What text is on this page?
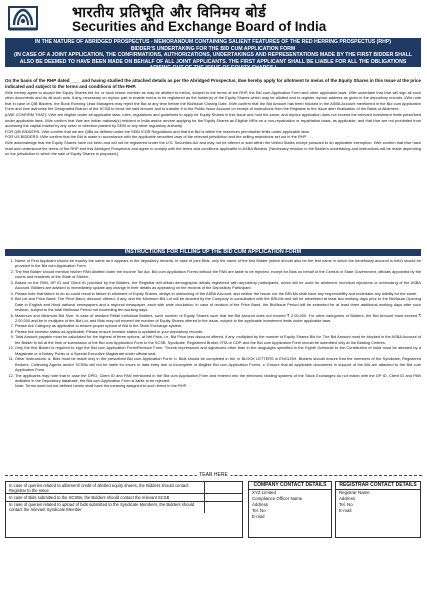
भारतीय प्रतिभूति और विनिमय बोर्ड
Securities and Exchange Board of India
IN THE NATURE OF ABRIDGED PROSPECTUS - MEMORANDUM CONTAINING SALIENT FEATURES OF THE RED HERRING PROSPECTUS (RHP)
BIDDER'S UNDERTAKING FOR THE BID CUM APPLICATION FORM
(IN CASE OF A JOINT APPLICATION, THE CONFIRMATIONS, AUTHORIZATIONS, UNDERTAKINGS AND REPRESENTATIONS MADE BY THE FIRST BIDDER SHALL ALSO BE DEEMED TO HAVE BEEN MADE ON BEHALF OF ALL JOINT APPLICANTS. THE FIRST APPLICANT SHALL BE LIABLE FOR ALL THE OBLIGATIONS ARISING OUT OF THE ISSUE OF EQUITY SHARES.)
On the basis of the RHP dated ____ and having studied the attached details as per the Abridged Prospectus, I/we hereby apply for allotment to me/us of the Equity Shares in this Issue at the price indicated and subject to the terms and conditions of the RHP.
I/We hereby agree to accept the Equity Shares bid for, or such lesser number as may be allotted to me/us, subject to the terms of the RHP, the Bid cum Application Form and other applicable laws. I/We undertake that I/we will sign all such other documents and do all such acts, if any, necessary on my/our part to enable me/us to be registered as the holder(s) of the Equity Shares which may be allotted and to register my/our address as given in the depository records. I/We note that in case of QIB Bidders, the Book Running Lead Managers may reject the Bid at any time before the Bid/Issue Closing Date. I/We confirm that the Bid Amount has been blocked in the ASBA Account mentioned in the Bid cum Application Form and I/we authorise the Designated Branch of the SCSB to block the said amount and to transfer it to the Public Issue Account on receipt of instructions from the Registrar to the Issue after finalisation of the Basis of Allotment.
(I/WE CONFIRM THAT): I/We are eligible under all applicable laws, rules, regulations and guidelines to apply for Equity Shares in this Issue and hold the same, and my/our application does not exceed the relevant investment limits prescribed under applicable laws. I/We confirm that I/we are Indian national(s) resident in India and/or am/are applying for the Equity Shares as Eligible NRIs on a non-repatriation or repatriation basis, as applicable, and that I/we are not prohibited from accessing the capital market by any order or direction passed by SEBI or any other regulatory authority.
FOR QIB BIDDERS: I/We confirm that we are QIBs as defined under the SEBI ICDR Regulations and that the Bid is within the maximum permissible limits under applicable laws.
FOR US BIDDERS: I/We confirm that the Bid is made in accordance with the applicable securities laws of the relevant jurisdiction and the selling restrictions set out in the RHP.
I/We acknowledge that the Equity Shares have not been and will not be registered under the U.S. Securities Act and may not be offered or sold within the United States except pursuant to an applicable exemption. I/We confirm that I/we have read and understood the terms of the RHP and this Abridged Prospectus and agree to comply with the terms and conditions applicable to ASBA Bidders. [Necessary revision in the Bidder's undertaking and instructions will be made depending on the jurisdiction in which the sale of Equity Shares is proposed.]
INSTRUCTIONS FOR FILLING UP THE BID CUM APPLICATION FORM
1. Name of First Applicant should be exactly the same as it appears in the depository records. In case of joint Bids, only the name of the first Bidder (which should also be the first name in which the beneficiary account is held) should be provided in the Bid cum Application Form.
2. The first Bidder should mention his/her PAN allotted under the Income Tax Act. Bid cum Application Forms without the PAN are liable to be rejected, except for Bids on behalf of the Central or State Government, officials appointed by the courts and residents of the State of Sikkim.
3. Based on the PAN, DP ID and Client ID provided by the Bidders, the Registrar will obtain demographic details registered with depository participants, which will be used for allotment, technical rejections or unblocking of the ASBA Account. Bidders are advised to immediately update any change in their details as appearing on the records of the Depository Participant.
4. Please note that failure to do so could result in failure in allotment of Equity Shares, delays in unblocking of the ASBA Account, and neither the Issuer nor the BRLMs shall have any responsibility and undertake any liability for the same.
5. Bid Lot and Price Band: The Price Band, discount offered, if any, and the Minimum Bid Lot will be decided by the Company in consultation with the BRLMs and will be advertised at least two working days prior to the Bid/Issue Opening Date in English and Hindi national newspapers and a regional newspaper, each with wide circulation. In case of revision of the Price Band, the Bid/Issue Period will be extended for at least three additional working days after such revision, subject to the total Bid/Issue Period not exceeding ten working days.
6. Maximum and Minimum Bid Size: In case of resident Retail Individual Bidders, such number of Equity Shares such that the Bid Amount does not exceed ₹ 2,00,000. For other categories of Bidders, the Bid Amount must exceed ₹ 2,00,000 and be in multiples of the Bid Lot, and Bids may not exceed the number of Equity Shares offered in the Issue, subject to the applicable investment limits under applicable laws.
7. Please tick Category as applicable to ensure proper upload of Bid in the Stock Exchange system.
8. Please tick Investor status as applicable. Please ensure investor status is updated in your depository records.
9. Total Amount payable must be calculated for the highest of three options, at Net Price, i.e. Bid Price less discount offered, if any, multiplied by the number of Equity Shares Bid for. The Bid Amount must be blocked in the ASBA Account of the Bidder in full at the time of submission of the Bid cum Application Form to the SCSB, Syndicate, Registered Broker, RTA or CDP, and the Bid cum Application Form should be submitted only at the Bidding Centres.
10. Only the first Bidder is required to sign the Bid cum Application Form/Revision Form. Thumb impressions and signatures other than in the languages specified in the Eighth Schedule to the Constitution of India must be attested by a Magistrate or a Notary Public or a Special Executive Magistrate under official seal.
11. Other instructions: a. Bids must be made only in the prescribed Bid cum Application Form. b. Bids should be completed in full, in BLOCK LETTERS in ENGLISH. Bidders should ensure that the members of the Syndicate, Registered Brokers, Collecting Agents and/or SCSBs will not be liable for errors in data entry due to incomplete or illegible Bid cum Application Forms. c. Ensure that all applicable documents in support of the Bid are attached to the Bid cum Application Form.
12. The applicants may note that in case the DPID, Client ID and PAN mentioned in the Bid cum Application Form and entered into the electronic bidding systems of the Stock Exchanges do not match with the DP ID, Client ID and PAN available in the Depository database, the Bid cum Application Form is liable to be rejected.
Note: Terms used but not defined herein shall have the meaning assigned to such terms in the RHP.
TEAR HERE
In case of queries related to allotment/ credit of allotted equity shares, the Bidders should contact Registrar to the Issue
In case of Bids submitted to the SCSBs, the Bidders should contact the relevant SCSB
In case of queries related to upload of bids submitted to the Syndicate Members, the Bidders should contact the relevant Syndicate Member
COMPANY CONTACT DETAILS
XYZ Limited
Compliance Officer Name
Address
Tel. No
E-mail
REGISTRAR CONTACT DETAILS
Registrar Name
Address
Tel. No
E-mail
